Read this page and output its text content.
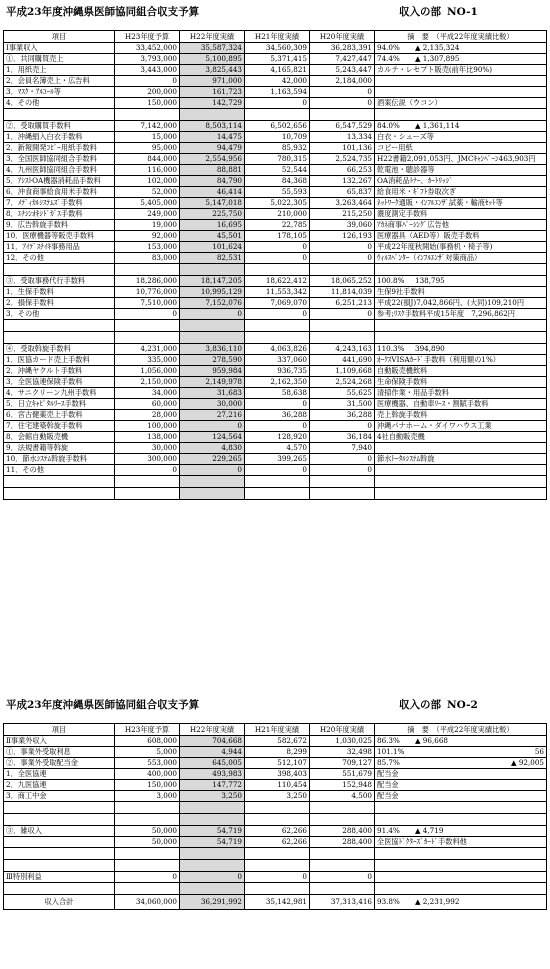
平成23年度沖縄県医師協同組合収支予算	収入の部 NO-1
項目	H23年度予算	H22年度実績	H21年度実績	H20年度実績	摘　要　（平成22年度実績比較）
Ⅰ事業収入	33,452,000	35,587,324	34,560,309	36,283,391	94.0% ▲ 2,135,324

①．共同購買売上	3,793,000	5,100,895	5,371,415	7,427,447	74.4% ▲ 1,307,895

1．用紙売上	3,443,000	3,825,443	4,165,821	5,243,447	カルテ・レセプト販売(前年比90%)
2．会員名簿売上・広告料	0	971,000	42,000	2,184,000	
3．ﾏｽｸ・ｱﾙｺｰﾙ等	200,000	161,723	1,163,594	0	
4．その他	150,000	142,729	0	0	酒案伝説（ウコン）

②．受取購買手数料	7,142,000	8,503,114	6,502,656	6,547,529	84.0% ▲ 1,361,114

1．沖縄絹入白衣手数料	15,000	14,475	10,709	13,334	白衣・シューズ等
2．新報開発ｺﾋﾟｰ用紙手数料	95,000	94,479	85,932	101,136	コピー用紙
3．全国医師協同組合手数料	844,000	2,554,956	780,315	2,524,735	H22書籍2,091,053円、JMCｷｬﾝﾍﾟｰﾝ463,903円
4．九州医師協同組合手数料	116,000	88,881	52,544	66,253	乾電池・聴診器等
5．ｱｼｽﾄOA機器消耗品手数料	102,000	84,790	84,368	132,267	OA消耗品ﾄﾅｰ、ｶｰﾄﾘｯｼﾞ
6．沖食商事給食用米手数料	52,000	46,414	55,593	65,837	給食用米・ｷﾞﾌﾄ券取次ぎ
7．ﾒﾃﾞｨｶﾙｼｽﾃﾑｽﾞ手数料	5,405,000	5,147,018	5,022,305	3,263,464	ﾈｯﾄﾜｰｸ通販・ｲﾝﾌﾙｴﾝｻﾞ試薬・輸液ｾｯﾄ等
8．ｴﾁｼﾝｵｷｼﾄﾞｶﾞｽ手数料	249,000	225,750	210,000	215,250	濃度測定手数料
9．広告斡旋手数料	19,000	16,695	22,785	39,060	ｱｶﾈ商事ﾊﾟｰｼﾝｸﾞ広告他
10．医療機器等販売手数料	92,000	45,501	178,105	126,193	医療器具（AED等）販売手数料
11．ｱｲﾃﾞｽﾁｲｷ事務用品	153,000	101,624	0	0	平成22年度秋開始(事務机・椅子等)
12．その他	83,000	82,531	0	0	ｳｨﾙｽﾍﾟﾝﾀｰ（ｲﾝﾌﾙｴﾝｻﾞ対策商品）

③．受取事務代行手数料	18,286,000	18,147,205	18,622,412	18,065,252	100.8% 138,795

1．生保手数料	10,776,000	10,995,129	11,553,342	11,814,039	生保9社手数料
2．損保手数料	7,510,000	7,152,076	7,069,070	6,251,213	平成22(損J)7,042,866円、(大同)109,210円
3．その他	0	0	0	0	参考;ﾘｽｸ手数料平成15年度　7,296,862円

④．受取斡旋手数料	4,231,000	3,836,110	4,063,826	4,243,163	110.3% 394,890

1．医協カード売上手数料	335,000	278,590	337,060	441,690	ｵｰｸｽVISAｶｰﾄﾞ手数料（利用額の1%）
2．沖縄ヤクルト手数料	1,056,000	959,984	936,735	1,109,668	自動販売機飲料
3．全医協連保険手数料	2,150,000	2,149,978	2,162,350	2,524,268	生命保険手数料
4．サニクリーン九州手数料	34,000	31,683	58,638	55,625	清掃作業・用品手数料
5．日立ｷｬﾋﾟﾀﾙﾘｰｽ手数料	60,000	30,000	0	31,500	医療機器、自動車ﾘｰｽ・割賦手数料
6．宮古健薬売上手数料	28,000	27,216	36,288	36,288	売上斡旋手数料
7．住宅建築斡旋手数料	100,000	0	0	0	沖縄パナホーム・ダイワハウス工業
8．会館自動販売機	138,000	124,564	128,920	36,184	4社自動販売機
9．法規書籍等斡旋	30,000	4,830	4,570	7,940	
10．節水ｼｽﾃﾑ斡旋手数料	300,000	229,265	399,265	0	節水ﾄｰﾀﾙｼｽﾃﾑ斡旋
11．その他	0	0	0	0	

平成23年度沖縄県医師協同組合収支予算	収入の部 NO-2
項目	H23年度予算	H22年度実績	H21年度実績	H20年度実績	摘　要　（平成22年度実績比較）
Ⅱ事業外収入	608,000	704,668	582,672	1,030,025	86.3% ▲ 96,668

①．事業外受取利息	5,000	4,944	8,299	32,498	101.1% 56

②．事業外受取配当金	553,000	645,005	512,107	709,127	85.7% ▲ 92,005

1．全医協連	400,000	493,983	398,403	551,679	配当金
2．九医協連	150,000	147,772	110,454	152,948	配当金
3．商工中金	3,000	3,250	3,250	4,500	配当金

③．雑収入	50,000	54,719	62,266	288,400	91.4% ▲ 4,719

	50,000	54,719	62,266	288,400	全医協ﾄﾞｸﾀｰｽﾞｶｰﾄﾞ手数料他

Ⅲ特別利益	0	0	0	0	

収入合計	34,060,000	36,291,992	35,142,981	37,313,416	93.8% ▲ 2,231,992
